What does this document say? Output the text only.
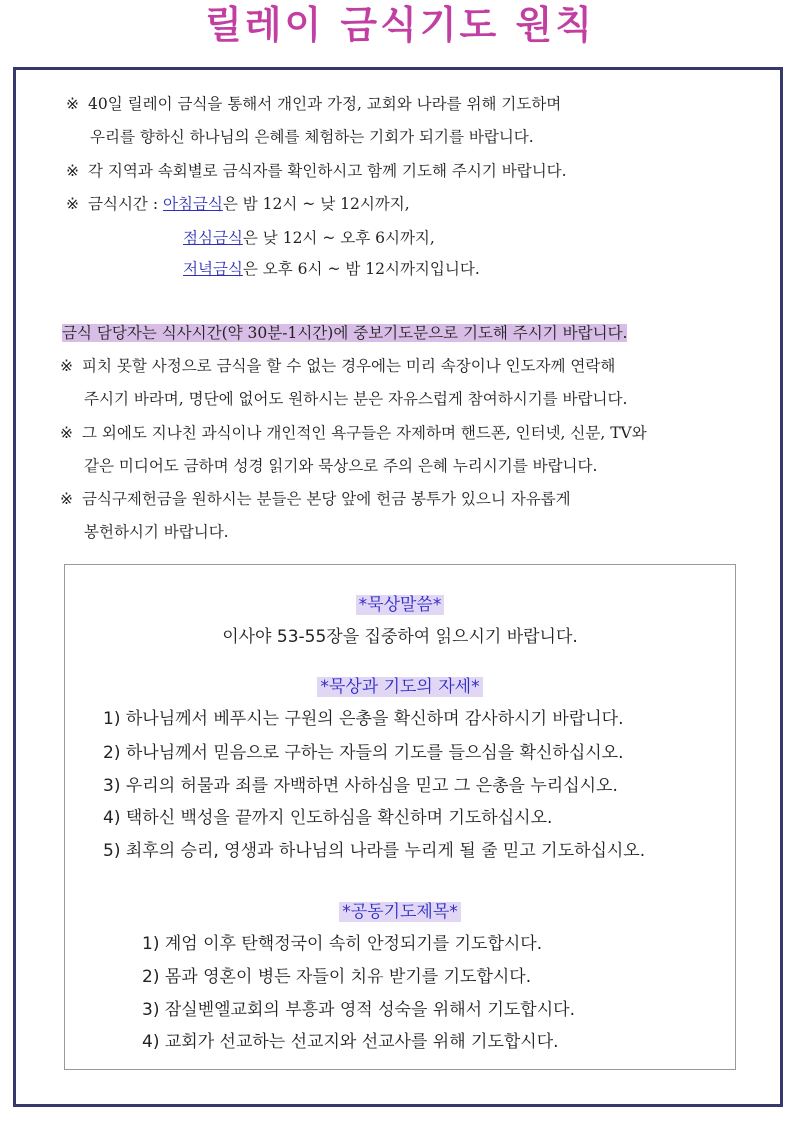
릴레이 금식기도 원칙
※ 40일 릴레이 금식을 통해서 개인과 가정, 교회와 나라를 위해 기도하며
우리를 향하신 하나님의 은혜를 체험하는 기회가 되기를 바랍니다.
※ 각 지역과 속회별로 금식자를 확인하시고 함께 기도해 주시기 바랍니다.
※ 금식시간 : 아침금식은 밤 12시 ~ 낮 12시까지,
점심금식은 낮 12시 ~ 오후 6시까지,
저녁금식은 오후 6시 ~ 밤 12시까지입니다.
금식 담당자는 식사시간(약 30분-1시간)에 중보기도문으로 기도해 주시기 바랍니다.
※ 피치 못할 사정으로 금식을 할 수 없는 경우에는 미리 속장이나 인도자께 연락해
주시기 바라며, 명단에 없어도 원하시는 분은 자유스럽게 참여하시기를 바랍니다.
※ 그 외에도 지나친 과식이나 개인적인 욕구들은 자제하며 핸드폰, 인터넷, 신문, TV와
같은 미디어도 금하며 성경 읽기와 묵상으로 주의 은혜 누리시기를 바랍니다.
※ 금식구제헌금을 원하시는 분들은 본당 앞에 헌금 봉투가 있으니 자유롭게
봉헌하시기 바랍니다.
*묵상말씀*
이사야 53-55장을 집중하여 읽으시기 바랍니다.
*묵상과 기도의 자세*
1) 하나님께서 베푸시는 구원의 은총을 확신하며 감사하시기 바랍니다.
2) 하나님께서 믿음으로 구하는 자들의 기도를 들으심을 확신하십시오.
3) 우리의 허물과 죄를 자백하면 사하심을 믿고 그 은총을 누리십시오.
4) 택하신 백성을 끝까지 인도하심을 확신하며 기도하십시오.
5) 최후의 승리, 영생과 하나님의 나라를 누리게 될 줄 믿고 기도하십시오.
*공동기도제목*
1) 계엄 이후 탄핵정국이 속히 안정되기를 기도합시다.
2) 몸과 영혼이 병든 자들이 치유 받기를 기도합시다.
3) 잠실벧엘교회의 부흥과 영적 성숙을 위해서 기도합시다.
4) 교회가 선교하는 선교지와 선교사를 위해 기도합시다.
